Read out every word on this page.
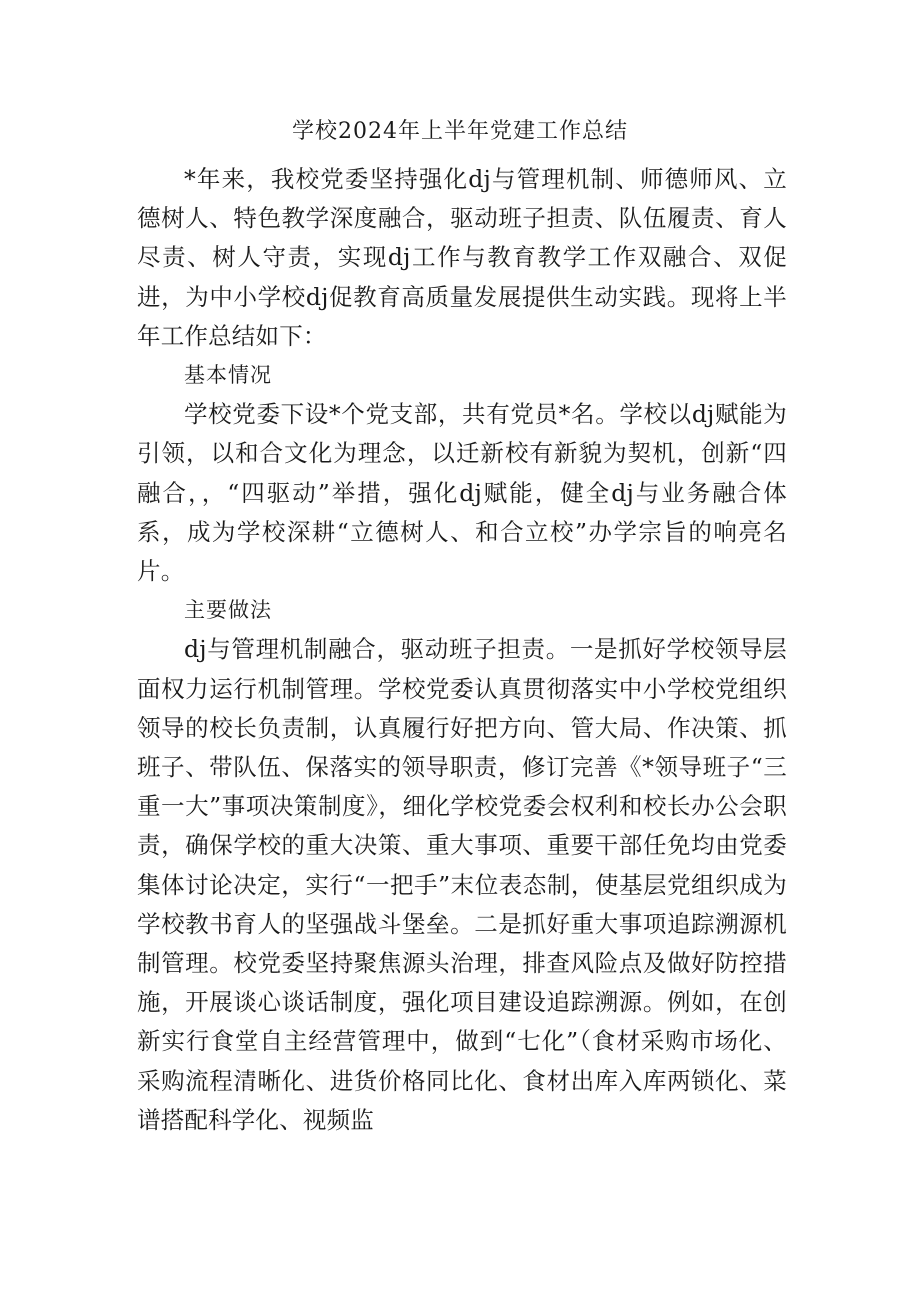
学校2024年上半年党建工作总结

*年来，我校党委坚持强化dj与管理机制、师德师风、立德树人、特色教学深度融合，驱动班子担责、队伍履责、育人尽责、树人守责，实现dj工作与教育教学工作双融合、双促进，为中小学校dj促教育高质量发展提供生动实践。现将上半年工作总结如下：

基本情况

学校党委下设*个党支部，共有党员*名。学校以dj赋能为引领，以和合文化为理念，以迁新校有新貌为契机，创新“四融合，，“四驱动”举措，强化dj赋能，健全dj与业务融合体系，成为学校深耕“立德树人、和合立校”办学宗旨的响亮名片。

主要做法

dj与管理机制融合，驱动班子担责。一是抓好学校领导层面权力运行机制管理。学校党委认真贯彻落实中小学校党组织领导的校长负责制，认真履行好把方向、管大局、作决策、抓班子、带队伍、保落实的领导职责，修订完善《*领导班子“三重一大”事项决策制度》，细化学校党委会权利和校长办公会职责，确保学校的重大决策、重大事项、重要干部任免均由党委集体讨论决定，实行“一把手”末位表态制，使基层党组织成为学校教书育人的坚强战斗堡垒。二是抓好重大事项追踪溯源机制管理。校党委坚持聚焦源头治理，排查风险点及做好防控措施，开展谈心谈话制度，强化项目建设追踪溯源。例如，在创新实行食堂自主经营管理中，做到“七化”（食材采购市场化、采购流程清晰化、进货价格同比化、食材出库入库两锁化、菜谱搭配科学化、视频监
